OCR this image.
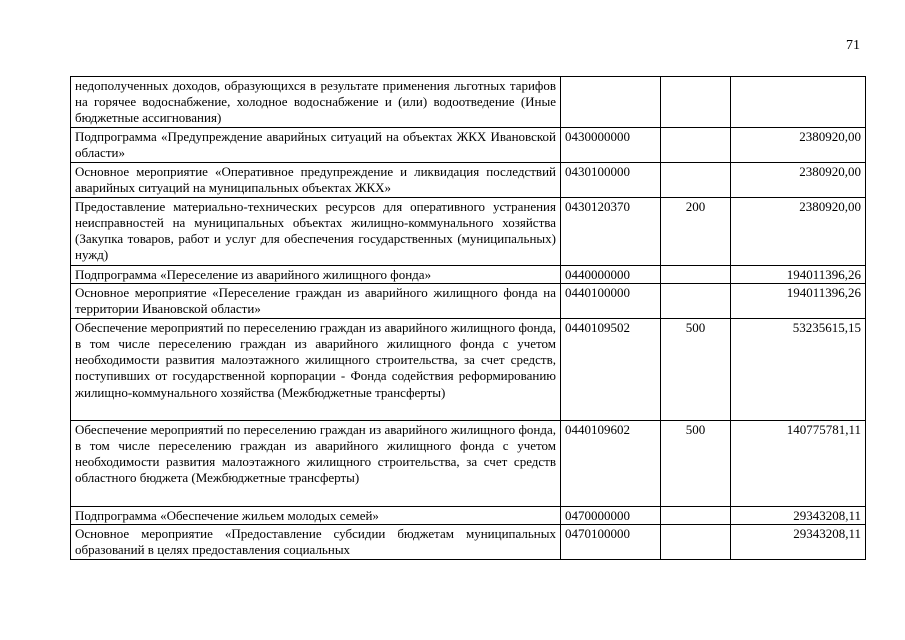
71
недополученных доходов, образующихся в результате применения льготных тарифов на горячее водоснабжение, холодное водоснабжение и (или) водоотведение (Иные бюджетные ассигнования)			
Подпрограмма «Предупреждение аварийных ситуаций на объектах ЖКХ Ивановской области»	0430000000		2380920,00
Основное мероприятие «Оперативное предупреждение и ликвидация последствий аварийных ситуаций на муниципальных объектах ЖКХ»	0430100000		2380920,00
Предоставление материально-технических ресурсов для оперативного устранения неисправностей на муниципальных объектах жилищно-коммунального хозяйства (Закупка товаров, работ и услуг для обеспечения государственных (муниципальных) нужд)	0430120370	200	2380920,00
Подпрограмма «Переселение из аварийного жилищного фонда»	0440000000		194011396,26
Основное мероприятие «Переселение граждан из аварийного жилищного фонда на территории Ивановской области»	0440100000		194011396,26
Обеспечение мероприятий по переселению граждан из аварийного жилищного фонда, в том числе переселению граждан из аварийного жилищного фонда с учетом необходимости развития малоэтажного жилищного строительства, за счет средств, поступивших от государственной корпорации - Фонда содействия реформированию жилищно-коммунального хозяйства (Межбюджетные трансферты)	0440109502	500	53235615,15
Обеспечение мероприятий по переселению граждан из аварийного жилищного фонда, в том числе переселению граждан из аварийного жилищного фонда с учетом необходимости развития малоэтажного жилищного строительства, за счет средств областного бюджета (Межбюджетные трансферты)	0440109602	500	140775781,11
Подпрограмма «Обеспечение жильем молодых семей»	0470000000		29343208,11
Основное мероприятие «Предоставление субсидии бюджетам муниципальных образований в целях предоставления социальных	0470100000		29343208,11
